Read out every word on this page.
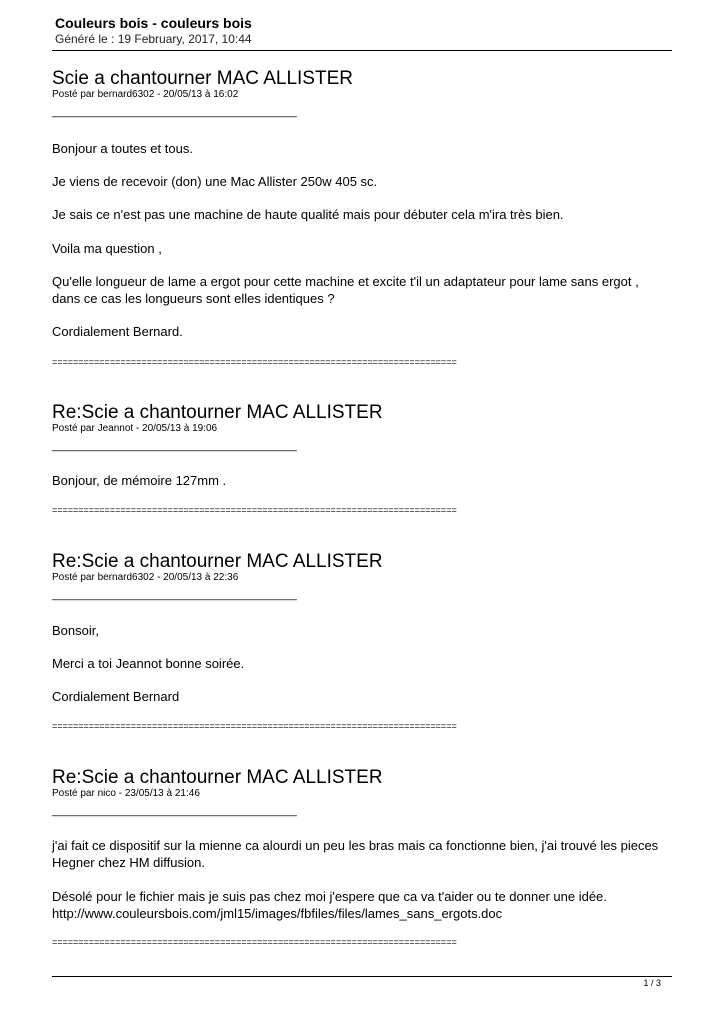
Couleurs bois - couleurs bois
Généré le : 19 February, 2017, 10:44
Scie a chantourner MAC ALLISTER
Posté par bernard6302 - 20/05/13 à 16:02
________________________________________
Bonjour a toutes et tous.
Je viens de recevoir (don) une Mac Allister 250w 405 sc.
Je sais ce n'est pas une machine de haute qualité mais pour débuter cela m'ira très bien.
Voila ma question ,
Qu'elle longueur de lame a ergot pour cette machine et excite t'il un adaptateur pour lame sans ergot , dans ce cas les longueurs sont elles identiques ?
Cordialement Bernard.
=============================================================================
Re:Scie a chantourner MAC ALLISTER
Posté par Jeannot - 20/05/13 à 19:06
________________________________________
Bonjour, de mémoire 127mm .
=============================================================================
Re:Scie a chantourner MAC ALLISTER
Posté par bernard6302 - 20/05/13 à 22:36
________________________________________
Bonsoir,
Merci a toi Jeannot bonne soirée.
Cordialement Bernard
=============================================================================
Re:Scie a chantourner MAC ALLISTER
Posté par nico - 23/05/13 à 21:46
________________________________________
j'ai fait ce dispositif sur la mienne ca alourdi un peu les bras mais ca fonctionne bien, j'ai trouvé les pieces Hegner chez HM diffusion.
Désolé pour le fichier mais je suis pas chez moi j'espere que ca va t'aider ou te donner une idée. http://www.couleursbois.com/jml15/images/fbfiles/files/lames_sans_ergots.doc
=============================================================================
1 / 3
